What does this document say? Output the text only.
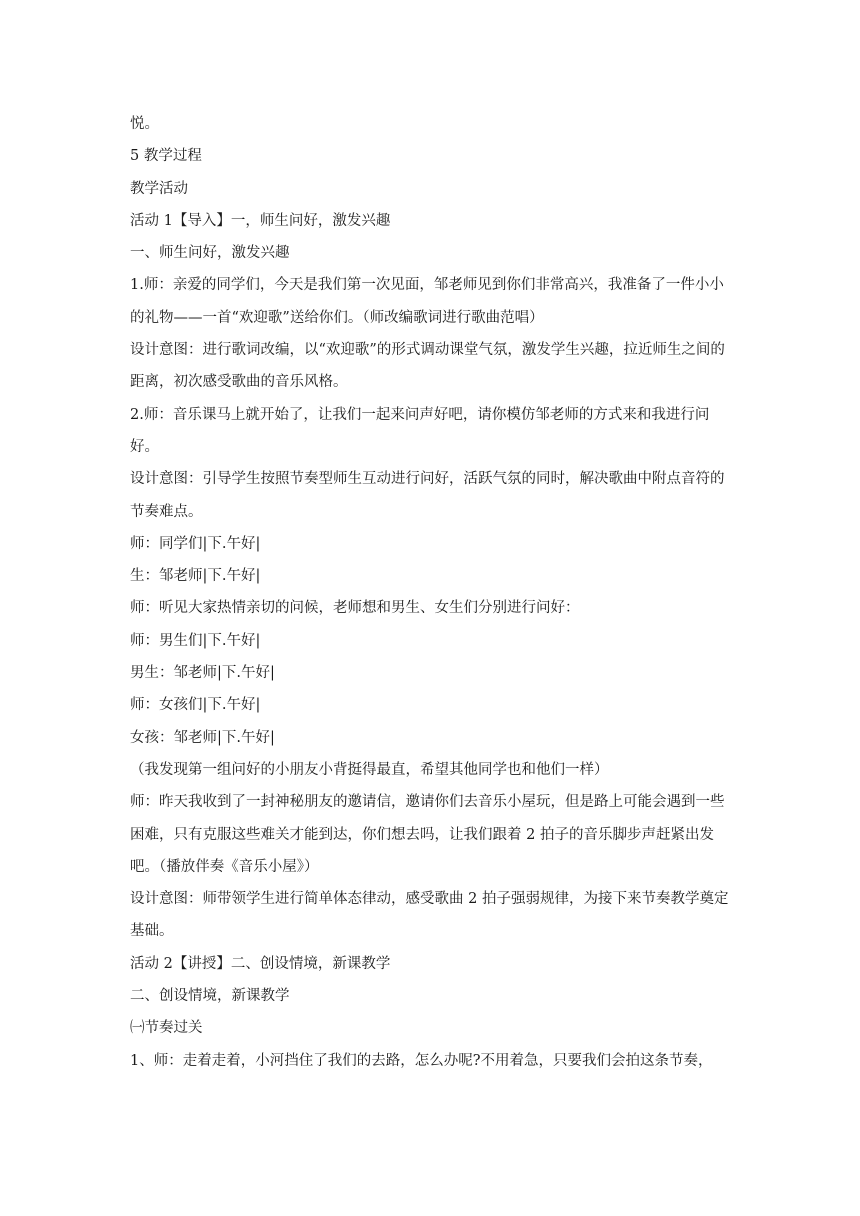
悦。

5 教学过程

教学活动

活动 1【导入】一，师生问好，激发兴趣

一、师生问好，激发兴趣

1.师：亲爱的同学们，今天是我们第一次见面，邹老师见到你们非常高兴，我准备了一件小小的礼物——一首“欢迎歌”送给你们。（师改编歌词进行歌曲范唱）

设计意图：进行歌词改编，以“欢迎歌”的形式调动课堂气氛，激发学生兴趣，拉近师生之间的距离，初次感受歌曲的音乐风格。

2.师：音乐课马上就开始了，让我们一起来问声好吧，请你模仿邹老师的方式来和我进行问好。

设计意图：引导学生按照节奏型师生互动进行问好，活跃气氛的同时，解决歌曲中附点音符的节奏难点。

师：同学们|下.午好|

生：邹老师|下.午好|

师：听见大家热情亲切的问候，老师想和男生、女生们分别进行问好：

师：男生们|下.午好|

男生：邹老师|下.午好|

师：女孩们|下.午好|

女孩：邹老师|下.午好|

（我发现第一组问好的小朋友小背挺得最直，希望其他同学也和他们一样）

师：昨天我收到了一封神秘朋友的邀请信，邀请你们去音乐小屋玩，但是路上可能会遇到一些困难，只有克服这些难关才能到达，你们想去吗，让我们跟着 2 拍子的音乐脚步声赶紧出发吧。（播放伴奏《音乐小屋》）

设计意图：师带领学生进行简单体态律动，感受歌曲 2 拍子强弱规律，为接下来节奏教学奠定基础。

活动 2【讲授】二、创设情境，新课教学

二、创设情境，新课教学

㈠节奏过关

1、师：走着走着，小河挡住了我们的去路，怎么办呢?不用着急，只要我们会拍这条节奏，
